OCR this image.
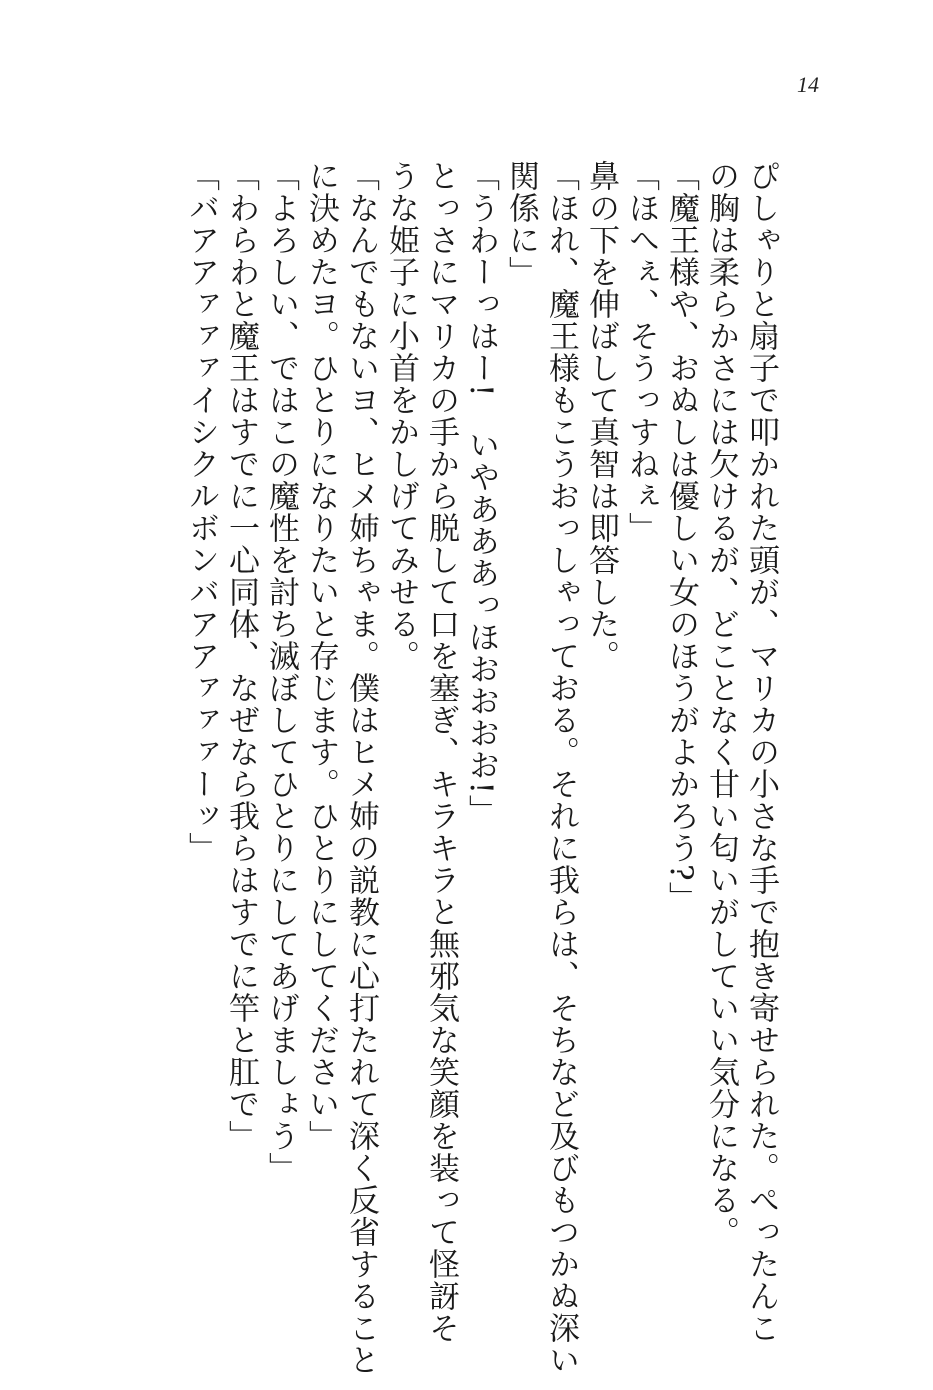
14
ぴしゃりと扇子で叩かれた頭が、マリカの小さな手で抱き寄せられた。ぺったんこ
の胸は柔らかさには欠けるが、どことなく甘い匂いがしていい気分になる。
「魔王様や、おぬしは優しい女のほうがよかろう?」
「ほへぇ、そうっすねぇ」
鼻の下を伸ばして真智は即答した。
「ほれ、魔王様もこうおっしゃっておる。それに我らは、そちなど及びもつかぬ深い
関係に」
「うわーっはー!　いやあああっほおおおお!」
とっさにマリカの手から脱して口を塞ぎ、キラキラと無邪気な笑顔を装って怪訝そ
うな姫子に小首をかしげてみせる。
「なんでもないヨ、ヒメ姉ちゃま。僕はヒメ姉の説教に心打たれて深く反省すること
に決めたヨ。ひとりになりたいと存じます。ひとりにしてください」
「よろしい、ではこの魔性を討ち滅ぼしてひとりにしてあげましょう」
「わらわと魔王はすでに一心同体、なぜなら我らはすでに竿と肛で」
「バアアァァァイシクルボンバアアァァァーッ」
